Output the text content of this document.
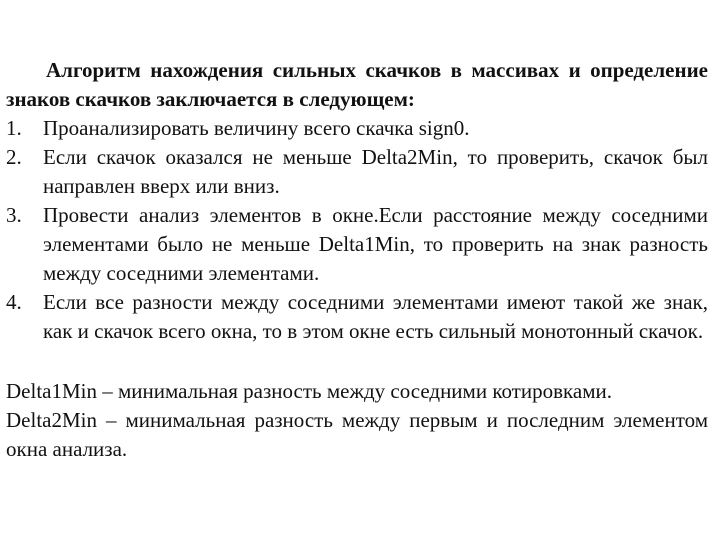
Алгоритм нахождения сильных скачков в массивах и определение знаков скачков заключается в следующем:

1. Проанализировать величину всего скачка sign0.
2. Если скачок оказался не меньше Delta2Min, то проверить, скачок был направлен вверх или вниз.
3. Провести анализ элементов в окне.Если расстояние между соседними элементами было не меньше Delta1Min, то проверить на знак разность между соседними элементами.
4. Если все разности между соседними элементами имеют такой же знак, как и скачок всего окна, то в этом окне есть сильный монотонный скачок.

Delta1Min – минимальная разность между соседними котировками.

Delta2Min – минимальная разность между первым и последним элементом окна анализа.
